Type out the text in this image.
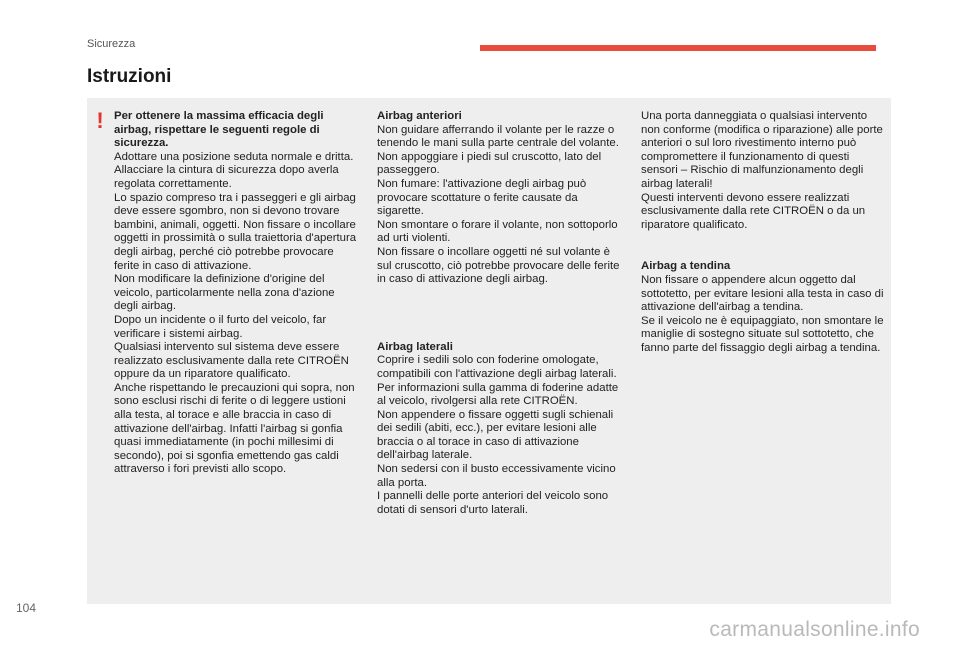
Sicurezza
Istruzioni
! Per ottenere la massima efficacia degli airbag, rispettare le seguenti regole di sicurezza.

Adottare una posizione seduta normale e dritta.
Allacciare la cintura di sicurezza dopo averla regolata correttamente.
Lo spazio compreso tra i passeggeri e gli airbag deve essere sgombro, non si devono trovare bambini, animali, oggetti. Non fissare o incollare oggetti in prossimità o sulla traiettoria d'apertura degli airbag, perché ciò potrebbe provocare ferite in caso di attivazione.
Non modificare la definizione d'origine del veicolo, particolarmente nella zona d'azione degli airbag.
Dopo un incidente o il furto del veicolo, far verificare i sistemi airbag.
Qualsiasi intervento sul sistema deve essere realizzato esclusivamente dalla rete CITROËN oppure da un riparatore qualificato.
Anche rispettando le precauzioni qui sopra, non sono esclusi rischi di ferite o di leggere ustioni alla testa, al torace e alle braccia in caso di attivazione dell'airbag. Infatti l'airbag si gonfia quasi immediatamente (in pochi millesimi di secondo), poi si sgonfia emettendo gas caldi attraverso i fori previsti allo scopo.

Airbag anteriori

Non guidare afferrando il volante per le razze o tenendo le mani sulla parte centrale del volante.
Non appoggiare i piedi sul cruscotto, lato del passeggero.
Non fumare: l'attivazione degli airbag può provocare scottature o ferite causate da sigarette.
Non smontare o forare il volante, non sottoporlo ad urti violenti.
Non fissare o incollare oggetti né sul volante è sul cruscotto, ciò potrebbe provocare delle ferite in caso di attivazione degli airbag.

Airbag laterali

Coprire i sedili solo con foderine omologate, compatibili con l'attivazione degli airbag laterali. Per informazioni sulla gamma di foderine adatte al veicolo, rivolgersi alla rete CITROËN.
Non appendere o fissare oggetti sugli schienali dei sedili (abiti, ecc.), per evitare lesioni alle braccia o al torace in caso di attivazione dell'airbag laterale.
Non sedersi con il busto eccessivamente vicino alla porta.
I pannelli delle porte anteriori del veicolo sono dotati di sensori d'urto laterali.

Una porta danneggiata o qualsiasi intervento non conforme (modifica o riparazione) alle porte anteriori o sul loro rivestimento interno può compromettere il funzionamento di questi sensori – Rischio di malfunzionamento degli airbag laterali!
Questi interventi devono essere realizzati esclusivamente dalla rete CITROËN o da un riparatore qualificato.

Airbag a tendina

Non fissare o appendere alcun oggetto dal sottotetto, per evitare lesioni alla testa in caso di attivazione dell'airbag a tendina.
Se il veicolo ne è equipaggiato, non smontare le maniglie di sostegno situate sul sottotetto, che fanno parte del fissaggio degli airbag a tendina.

104
carmanualsonline.info
